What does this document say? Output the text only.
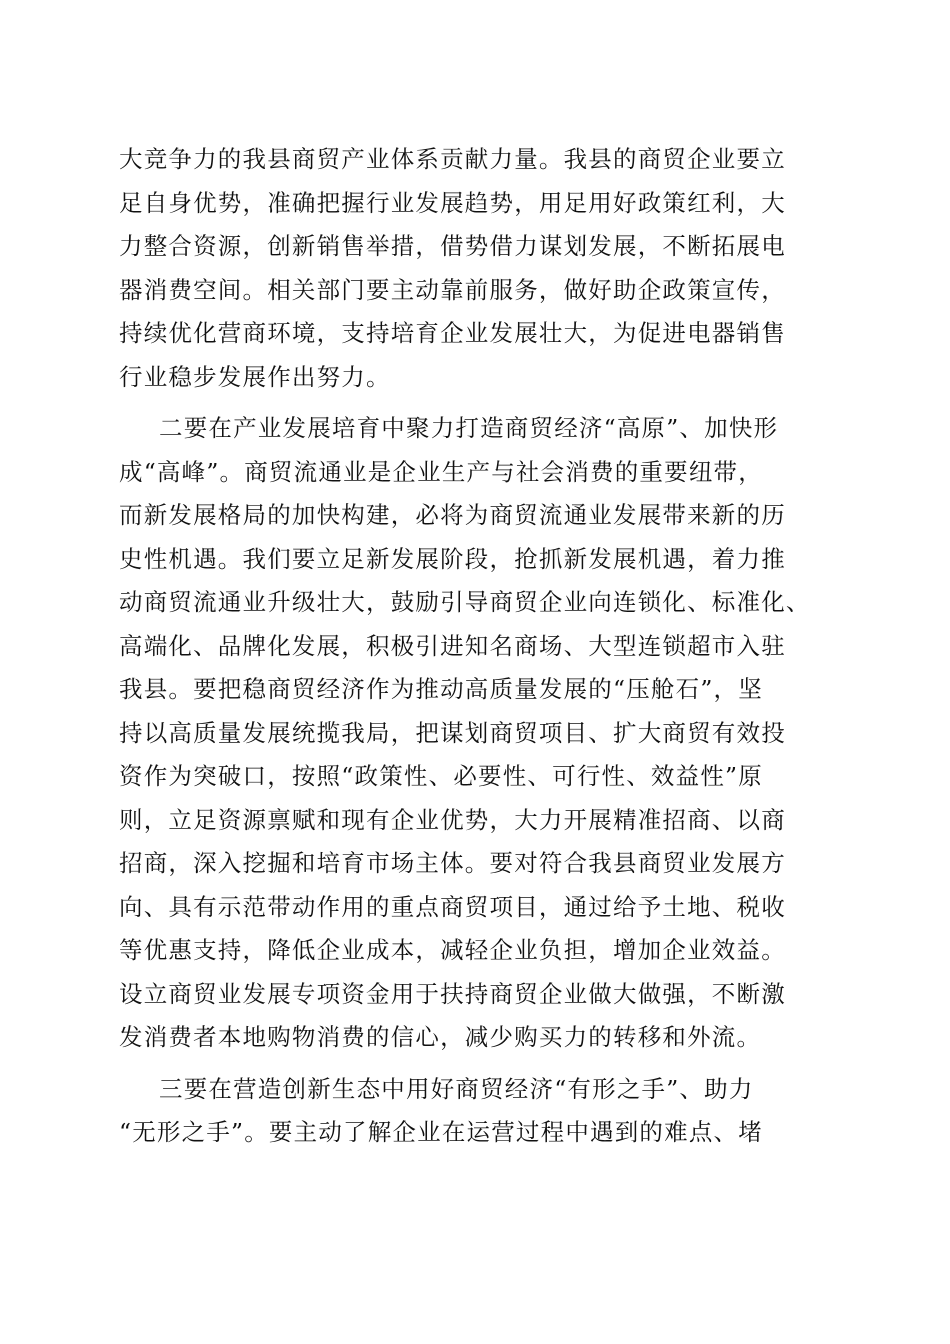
大竞争力的我县商贸产业体系贡献力量。我县的商贸企业要立
足自身优势，准确把握行业发展趋势，用足用好政策红利，大
力整合资源，创新销售举措，借势借力谋划发展，不断拓展电
器消费空间。相关部门要主动靠前服务，做好助企政策宣传，
持续优化营商环境，支持培育企业发展壮大，为促进电器销售
行业稳步发展作出努力。
二要在产业发展培育中聚力打造商贸经济“高原”、加快形
成“高峰”。商贸流通业是企业生产与社会消费的重要纽带，
而新发展格局的加快构建，必将为商贸流通业发展带来新的历
史性机遇。我们要立足新发展阶段，抢抓新发展机遇，着力推
动商贸流通业升级壮大，鼓励引导商贸企业向连锁化、标准化、
高端化、品牌化发展，积极引进知名商场、大型连锁超市入驻
我县。要把稳商贸经济作为推动高质量发展的“压舱石”，坚
持以高质量发展统揽我局，把谋划商贸项目、扩大商贸有效投
资作为突破口，按照“政策性、必要性、可行性、效益性”原
则，立足资源禀赋和现有企业优势，大力开展精准招商、以商
招商，深入挖掘和培育市场主体。要对符合我县商贸业发展方
向、具有示范带动作用的重点商贸项目，通过给予土地、税收
等优惠支持，降低企业成本，减轻企业负担，增加企业效益。
设立商贸业发展专项资金用于扶持商贸企业做大做强，不断激
发消费者本地购物消费的信心，减少购买力的转移和外流。
三要在营造创新生态中用好商贸经济“有形之手”、助力
“无形之手”。要主动了解企业在运营过程中遇到的难点、堵
